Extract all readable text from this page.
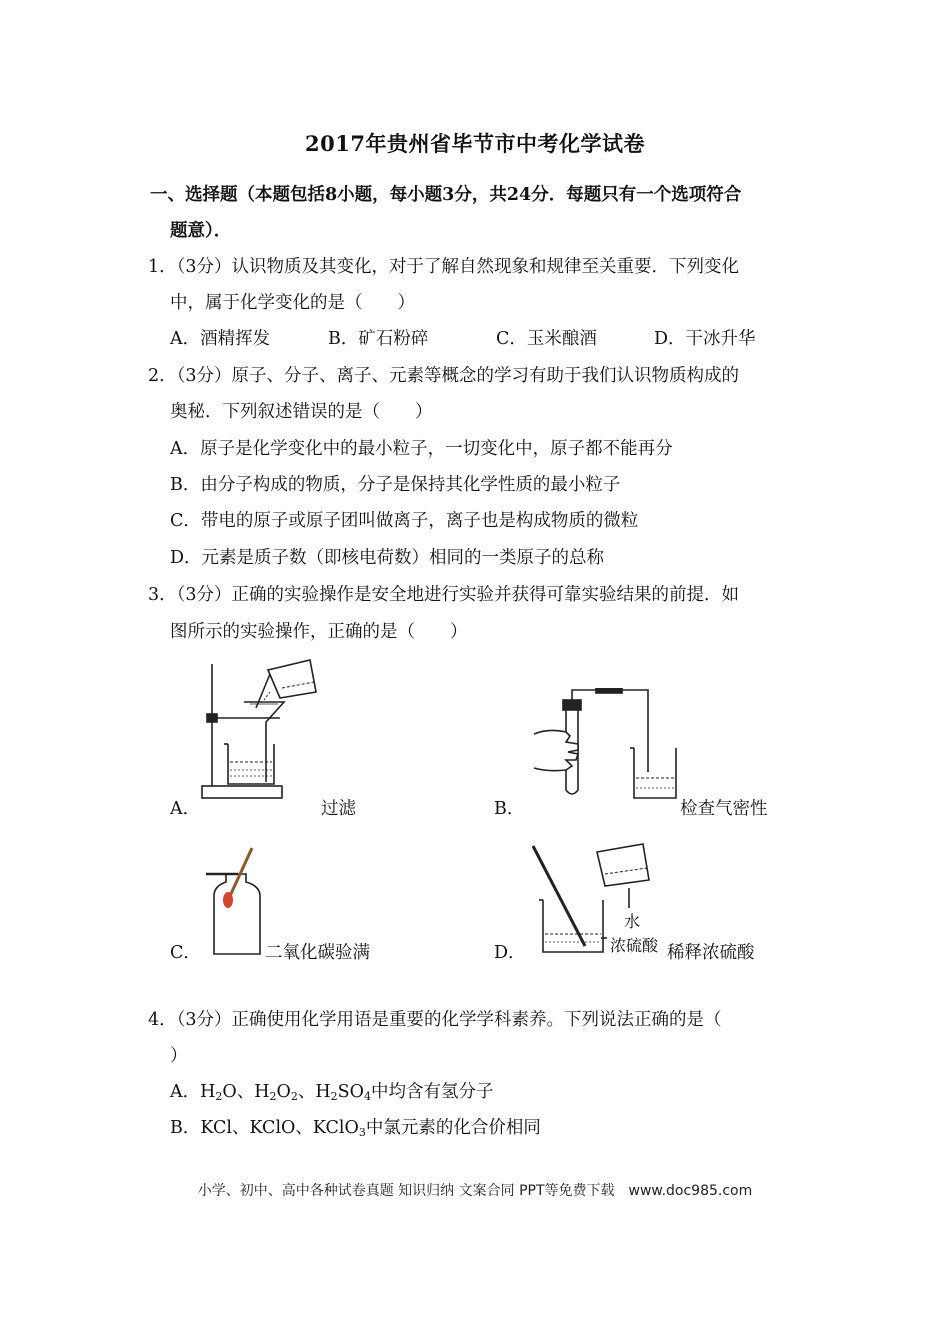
2017年贵州省毕节市中考化学试卷
一、选择题（本题包括8小题，每小题3分，共24分．每题只有一个选项符合
题意）．
1．（3分）认识物质及其变化，对于了解自然现象和规律至关重要．下列变化
中，属于化学变化的是（　　）
A．酒精挥发	B．矿石粉碎	C．玉米酿酒	D．干冰升华
2．（3分）原子、分子、离子、元素等概念的学习有助于我们认识物质构成的
奥秘．下列叙述错误的是（　　）
A．原子是化学变化中的最小粒子，一切变化中，原子都不能再分
B．由分子构成的物质，分子是保持其化学性质的最小粒子
C．带电的原子或原子团叫做离子，离子也是构成物质的微粒
D．元素是质子数（即核电荷数）相同的一类原子的总称
3．（3分）正确的实验操作是安全地进行实验并获得可靠实验结果的前提．如
图所示的实验操作，正确的是（　　）
A．	过滤	B．	检查气密性
C．	二氧化碳验满
水
浓硫酸
D．	稀释浓硫酸
4．（3分）正确使用化学用语是重要的化学学科素养。下列说法正确的是（
）
A．$H_2O$、$H_2O_2$、$H_2SO_4$中均含有氢分子
B．KCl、KClO、KClO$_3$中氯元素的化合价相同
小学、初中、高中各种试卷真题 知识归纳 文案合同 PPT等免费下载　www.doc985.com
